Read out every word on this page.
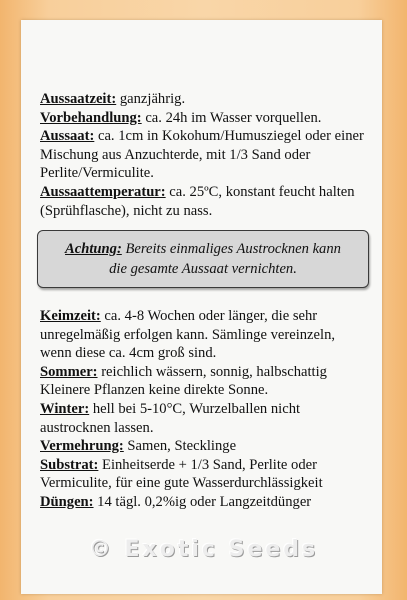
Aussaatzeit: ganzjährig.

Vorbehandlung: ca. 24h im Wasser vorquellen.

Aussaat: ca. 1cm in Kokohum/Humusziegel oder einer Mischung aus Anzuchterde, mit 1/3 Sand oder Perlite/Vermiculite.

Aussaattemperatur: ca. 25ºC, konstant feucht halten (Sprühflasche), nicht zu nass.

Achtung: Bereits einmaliges Austrocknen kann
die gesamte Aussaat vernichten.

Keimzeit: ca. 4-8 Wochen oder länger, die sehr unregelmäßig erfolgen kann. Sämlinge vereinzeln, wenn diese ca. 4cm groß sind.

Sommer: reichlich wässern, sonnig, halbschattig Kleinere Pflanzen keine direkte Sonne.

Winter: hell bei 5-10°C, Wurzelballen nicht austrocknen lassen.

Vermehrung: Samen, Stecklinge

Substrat: Einheitserde + 1/3 Sand, Perlite oder Vermiculite, für eine gute Wasserdurchlässigkeit

Düngen: 14 tägl. 0,2%ig oder Langzeitdünger

© Exotic Seeds
